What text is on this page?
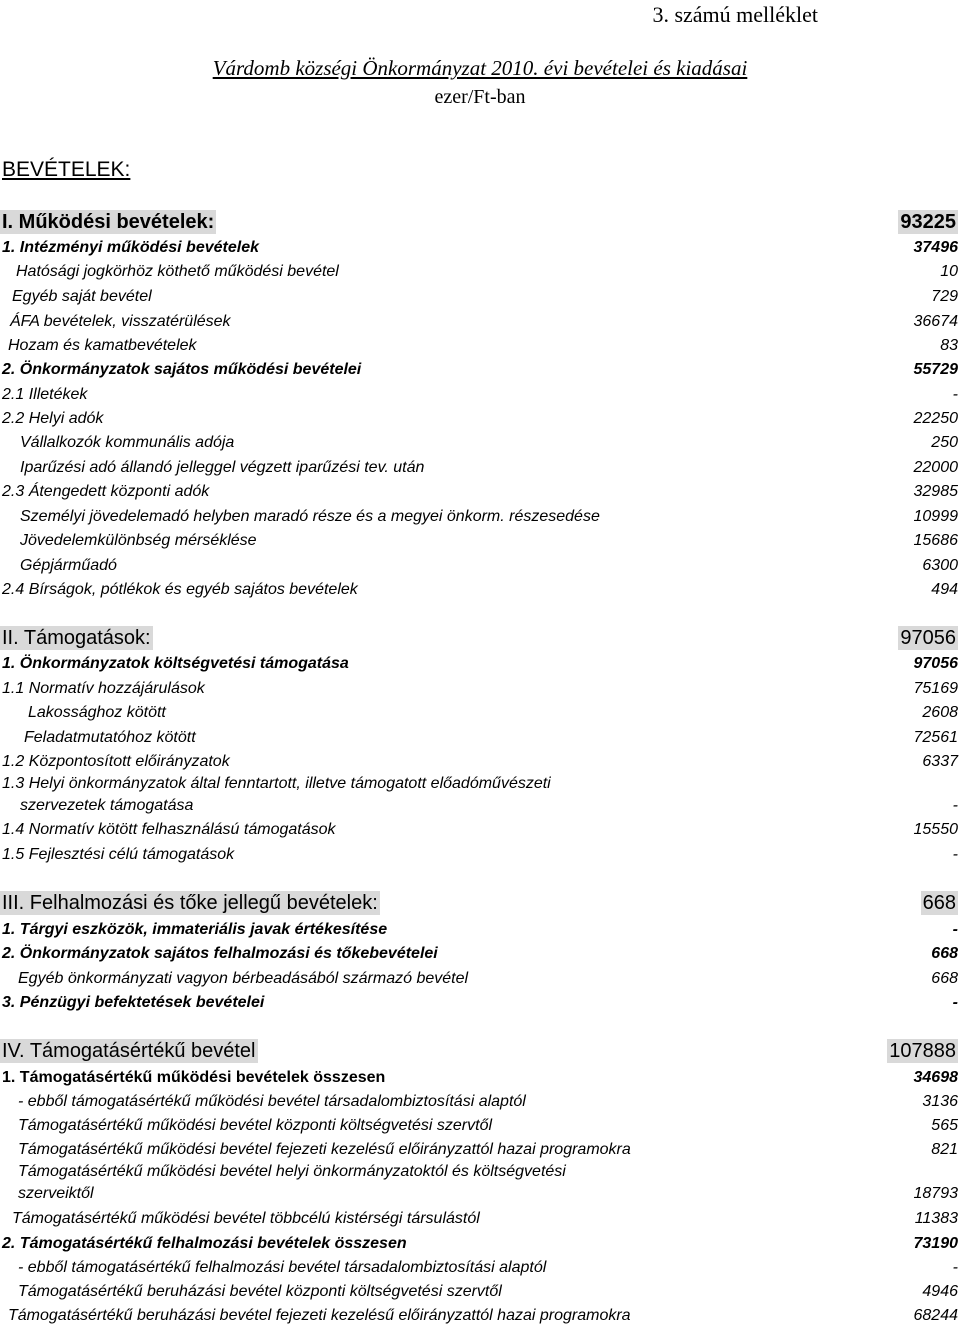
3. számú melléklet
Várdomb községi Önkormányzat 2010. évi bevételei és kiadásai
ezer/Ft-ban
BEVÉTELEK:
I. Működési bevételek:	93225
1. Intézményi működési bevételek	37496
Hatósági jogkörhöz köthető működési bevétel	10
Egyéb saját bevétel	729
ÁFA bevételek, visszatérülések	36674
Hozam és kamatbevételek	83
2. Önkormányzatok sajátos működési bevételei	55729
2.1 Illetékek	-
2.2 Helyi adók	22250
Vállalkozók kommunális adója	250
Iparűzési adó állandó jelleggel végzett iparűzési tev. után	22000
2.3 Átengedett központi adók	32985
Személyi jövedelemadó helyben maradó része és a megyei önkorm. részesedése	10999
Jövedelemkülönbség mérséklése	15686
Gépjárműadó	6300
2.4 Bírságok, pótlékok és egyéb sajátos bevételek	494
II. Támogatások:	97056
1. Önkormányzatok költségvetési támogatása	97056
1.1 Normatív hozzájárulások	75169
Lakossághoz kötött	2608
Feladatmutatóhoz kötött	72561
1.2 Központosított előirányzatok	6337
1.3 Helyi önkormányzatok által fenntartott, illetve támogatott előadóművészeti
szervezetek támogatása	-
1.4 Normatív kötött felhasználású támogatások	15550
1.5 Fejlesztési célú támogatások	-
III. Felhalmozási és tőke jellegű bevételek:	668
1. Tárgyi eszközök, immateriális javak értékesítése	-
2. Önkormányzatok sajátos felhalmozási és tőkebevételei	668
Egyéb önkormányzati vagyon bérbeadásából származó bevétel	668
3. Pénzügyi befektetések bevételei	-
IV. Támogatásértékű bevétel	107888
1. Támogatásértékű működési bevételek összesen	34698
- ebből támogatásértékű működési bevétel társadalombiztosítási alaptól	3136
Támogatásértékű működési bevétel központi költségvetési szervtől	565
Támogatásértékű működési bevétel fejezeti kezelésű előirányzattól hazai programokra	821
Támogatásértékű működési bevétel helyi önkormányzatoktól és költségvetési
szerveiktől	18793
Támogatásértékű működési bevétel többcélú kistérségi társulástól	11383
2. Támogatásértékű felhalmozási bevételek összesen	73190
- ebből támogatásértékű felhalmozási bevétel társadalombiztosítási alaptól	-
Támogatásértékű beruházási bevétel központi költségvetési szervtől	4946
Támogatásértékű beruházási bevétel fejezeti kezelésű előirányzattól hazai programokra	68244
